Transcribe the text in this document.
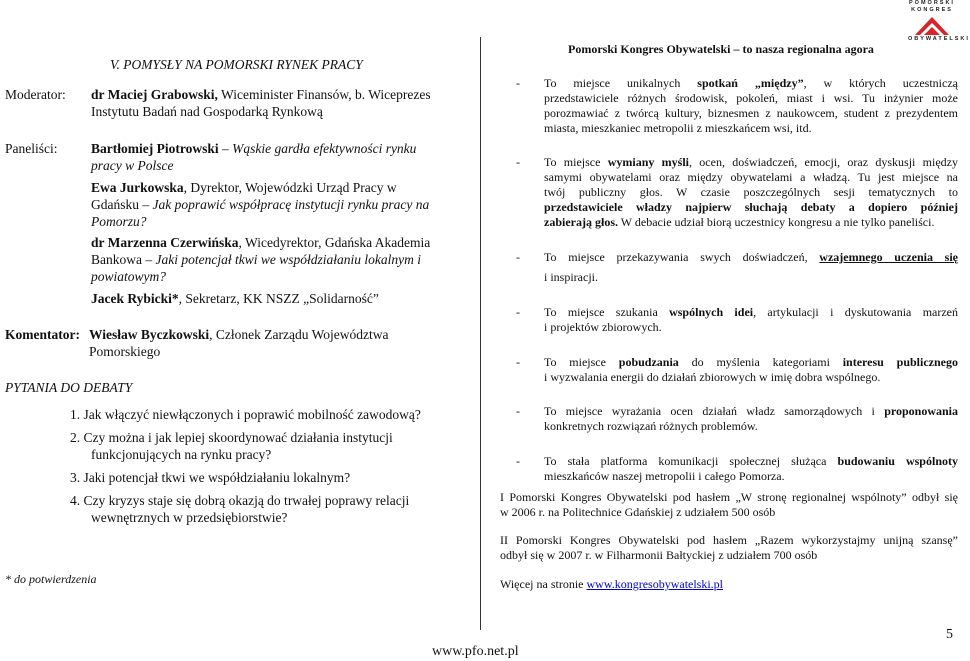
POMORSKI
KONGRES
OBYWATELSKI
V. POMYSŁY NA POMORSKI RYNEK PRACY
Moderator: dr Maciej Grabowski, Wiceminister Finansów, b. Wiceprezes
Instytutu Badań nad Gospodarką Rynkową
Paneliści: Bartłomiej Piotrowski – Wąskie gardła efektywności rynku
pracy w Polsce
Ewa Jurkowska, Dyrektor, Wojewódzki Urząd Pracy w
Gdańsku – Jak poprawić współpracę instytucji rynku pracy na
Pomorzu?
dr Marzenna Czerwińska, Wicedyrektor, Gdańska Akademia
Bankowa – Jaki potencjał tkwi we współdziałaniu lokalnym i
powiatowym?
Jacek Rybicki*, Sekretarz, KK NSZZ „Solidarność”
Komentator: Wiesław Byczkowski, Członek Zarządu Województwa
Pomorskiego
PYTANIA DO DEBATY
1. Jak włączyć niewłączonych i poprawić mobilność zawodową?
2. Czy można i jak lepiej skoordynować działania instytucji
funkcjonujących na rynku pracy?
3. Jaki potencjał tkwi we współdziałaniu lokalnym?
4. Czy kryzys staje się dobrą okazją do trwałej poprawy relacji
wewnętrznych w przedsiębiorstwie?
* do potwierdzenia
Pomorski Kongres Obywatelski – to nasza regionalna agora
- To miejsce unikalnych spotkań „między”, w których uczestniczą

przedstawiciele różnych środowisk, pokoleń, miast i wsi. Tu inżynier może

porozmawiać z twórcą kultury, biznesmen z naukowcem, student z prezydentem

miasta, mieszkaniec metropolii z mieszkańcem wsi, itd.

- To miejsce wymiany myśli, ocen, doświadczeń, emocji, oraz dyskusji między

samymi obywatelami oraz między obywatelami a władzą. Tu jest miejsce na

twój publiczny głos. W czasie poszczególnych sesji tematycznych to

przedstawiciele władzy najpierw słuchają debaty a dopiero później

zabierają głos. W debacie udział biorą uczestnicy kongresu a nie tylko paneliści.

- To miejsce przekazywania swych doświadczeń, wzajemnego uczenia się

i inspiracji.

- To miejsce szukania wspólnych idei, artykulacji i dyskutowania marzeń

i projektów zbiorowych.

- To miejsce pobudzania do myślenia kategoriami interesu publicznego

i wyzwalania energii do działań zbiorowych w imię dobra wspólnego.

- To miejsce wyrażania ocen działań władz samorządowych i proponowania

konkretnych rozwiązań różnych problemów.

- To stała platforma komunikacji społecznej służąca budowaniu wspólnoty

mieszkańców naszej metropolii i całego Pomorza.

I Pomorski Kongres Obywatelski pod hasłem „W stronę regionalnej wspólnoty” odbył się
w 2006 r. na Politechnice Gdańskiej z udziałem 500 osób
II Pomorski Kongres Obywatelski pod hasłem „Razem wykorzystajmy unijną szansę”
odbył się w 2007 r. w Filharmonii Bałtyckiej z udziałem 700 osób
Więcej na stronie www.kongresobywatelski.pl
www.pfo.net.pl
5
